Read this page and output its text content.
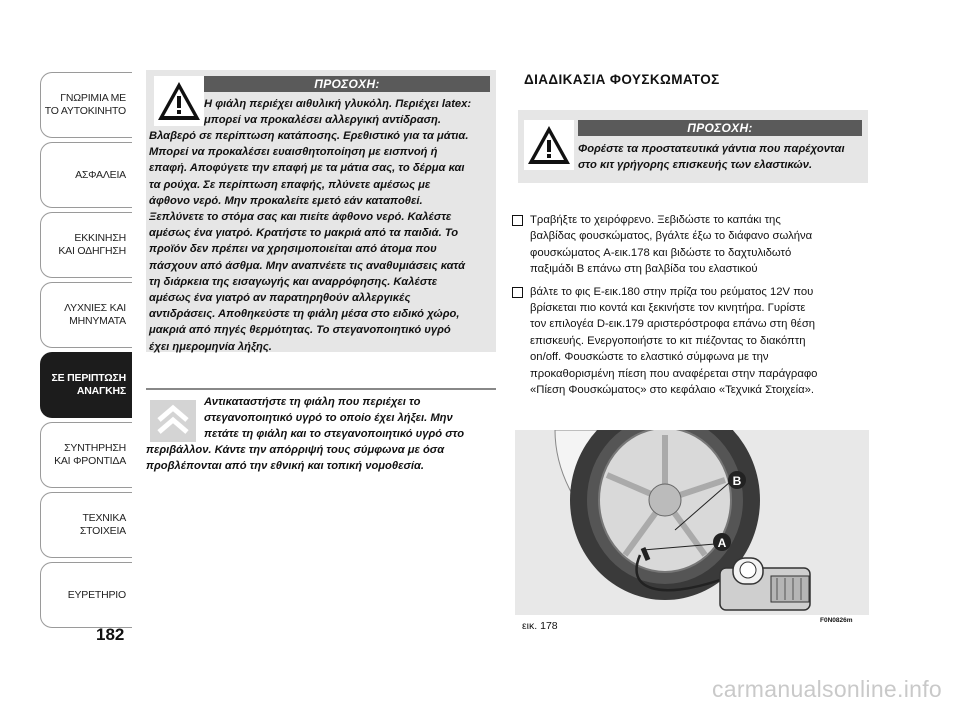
ΓΝΩΡΙΜΙΑ ΜΕ
ΤΟ ΑΥΤΟΚΙΝΗΤΟ
ΑΣΦΑΛΕΙΑ
ΕΚΚΙΝΗΣΗ
ΚΑΙ ΟΔΗΓΗΣΗ
ΛΥΧΝΙΕΣ ΚΑΙ
ΜΗΝΥΜΑΤΑ
ΣΕ ΠΕΡΙΠΤΩΣΗ
ΑΝΑΓΚΗΣ
ΣΥΝΤΗΡΗΣΗ
ΚΑΙ ΦΡΟΝΤΙΔΑ
ΤΕΧΝΙΚΑ
ΣΤΟΙΧΕΙΑ
ΕΥΡΕΤΗΡΙΟ
182
ΠΡΟΣΟΧΗ:
Η φιάλη περιέχει αιθυλική γλυκόλη. Περιέχει latex:
μπορεί να προκαλέσει αλλεργική αντίδραση.
Βλαβερό σε περίπτωση κατάποσης. Ερεθιστικό για τα μάτια.
Μπορεί να προκαλέσει ευαισθητοποίηση με εισπνοή ή
επαφή. Αποφύγετε την επαφή με τα μάτια σας, το δέρμα και
τα ρούχα. Σε περίπτωση επαφής, πλύνετε αμέσως με
άφθονο νερό. Μην προκαλείτε εμετό εάν καταποθεί.
Ξεπλύνετε το στόμα σας και πιείτε άφθονο νερό. Καλέστε
αμέσως ένα γιατρό. Κρατήστε το μακριά από τα παιδιά. Το
προϊόν δεν πρέπει να χρησιμοποιείται από άτομα που
πάσχουν από άσθμα. Μην αναπνέετε τις αναθυμιάσεις κατά
τη διάρκεια της εισαγωγής και αναρρόφησης. Καλέστε
αμέσως ένα γιατρό αν παρατηρηθούν αλλεργικές
αντιδράσεις. Αποθηκεύστε τη φιάλη μέσα στο ειδικό χώρο,
μακριά από πηγές θερμότητας. Το στεγανοποιητικό υγρό
έχει ημερομηνία λήξης.
Αντικαταστήστε τη φιάλη που περιέχει το
στεγανοποιητικό υγρό το οποίο έχει λήξει. Μην
πετάτε τη φιάλη και το στεγανοποιητικό υγρό στο
περιβάλλον. Κάντε την απόρριψή τους σύμφωνα με όσα
προβλέπονται από την εθνική και τοπική νομοθεσία.
ΔΙΑΔΙΚΑΣΙΑ ΦΟΥΣΚΩΜΑΤΟΣ
ΠΡΟΣΟΧΗ:
Φορέστε τα προστατευτικά γάντια που παρέχονται
στο κιτ γρήγορης επισκευής των ελαστικών.
Τραβήξτε το χειρόφρενο. Ξεβιδώστε το καπάκι της
βαλβίδας φουσκώματος, βγάλτε έξω το διάφανο σωλήνα
φουσκώματος A-εικ.178 και βιδώστε το δαχτυλιδωτό
παξιμάδι B επάνω στη βαλβίδα του ελαστικού
βάλτε το φις E-εικ.180 στην πρίζα του ρεύματος 12V που
βρίσκεται πιο κοντά και ξεκινήστε τον κινητήρα. Γυρίστε
τον επιλογέα D-εικ.179 αριστερόστροφα επάνω στη θέση
επισκευής. Ενεργοποιήστε το κιτ πιέζοντας το διακόπτη
on/off. Φουσκώστε το ελαστικό σύμφωνα με την
προκαθορισμένη πίεση που αναφέρεται στην παράγραφο
«Πίεση Φουσκώματος» στο κεφάλαιο «Τεχνικά Στοιχεία».
A
B
εικ. 178	F0N0826m
carmanualsonline.info
